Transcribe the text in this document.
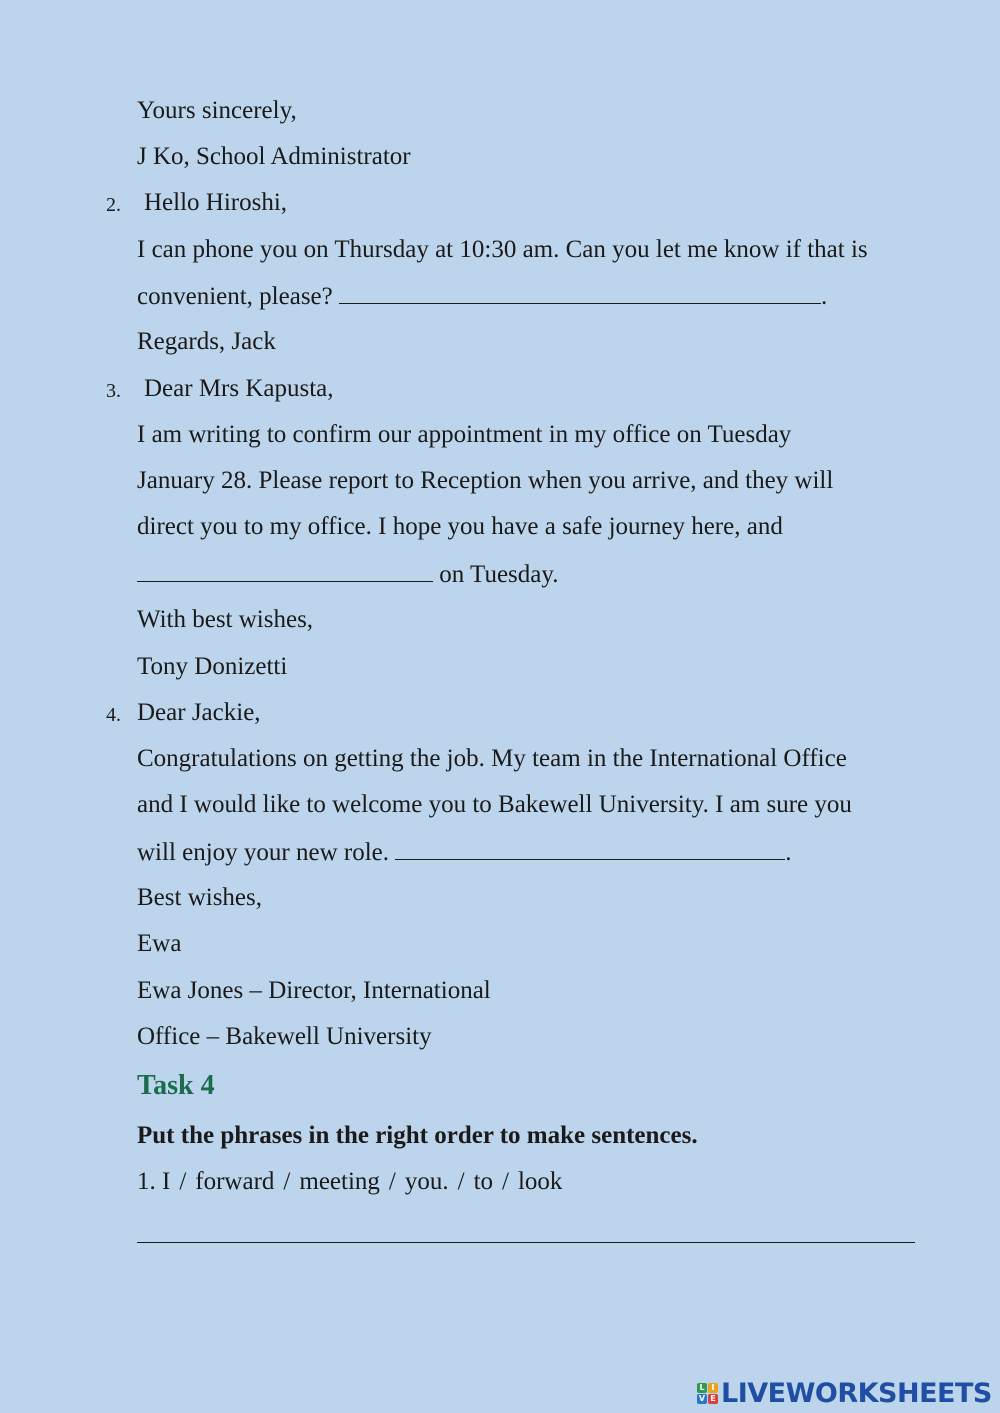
Yours sincerely,
J Ko, School Administrator
2. Hello Hiroshi,
I can phone you on Thursday at 10:30 am. Can you let me know if that is
convenient, please?	.
Regards, Jack
3. Dear Mrs Kapusta,
I am writing to confirm our appointment in my office on Tuesday
January 28. Please report to Reception when you arrive, and they will
direct you to my office. I hope you have a safe journey here, and
on Tuesday.
With best wishes,
Tony Donizetti
4. Dear Jackie,
Congratulations on getting the job. My team in the International Office
and I would like to welcome you to Bakewell University. I am sure you
will enjoy your new role.	.
Best wishes,
Ewa
Ewa Jones – Director, International
Office – Bakewell University
Task 4
Put the phrases in the right order to make sentences.
1. I / forward / meeting / you. / to / look
L I
V E LIVEWORKSHEETS
